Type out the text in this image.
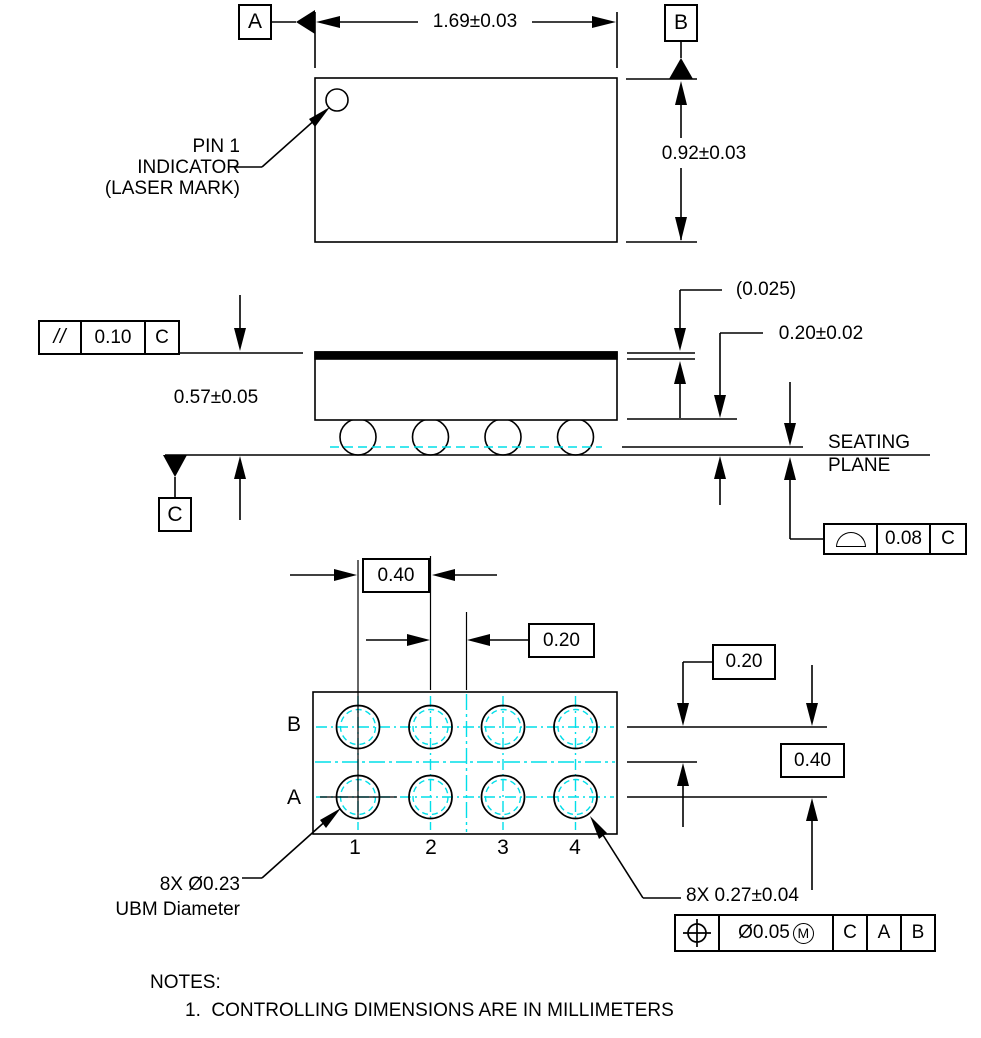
A	1.69±0.03	B
0.92±0.03
PIN 1
INDICATOR
(LASER MARK)
//	0.10	C
0.57±0.05
(0.025)
0.20±0.02
C
SEATING
PLANE
0.08	C
0.40
0.20
0.20
0.40
B
A
1	2	3	4
8X Ø0.23
UBM Diameter
8X 0.27±0.04
Ø0.05 M	C	A	B
NOTES:
1.  CONTROLLING DIMENSIONS ARE IN MILLIMETERS
